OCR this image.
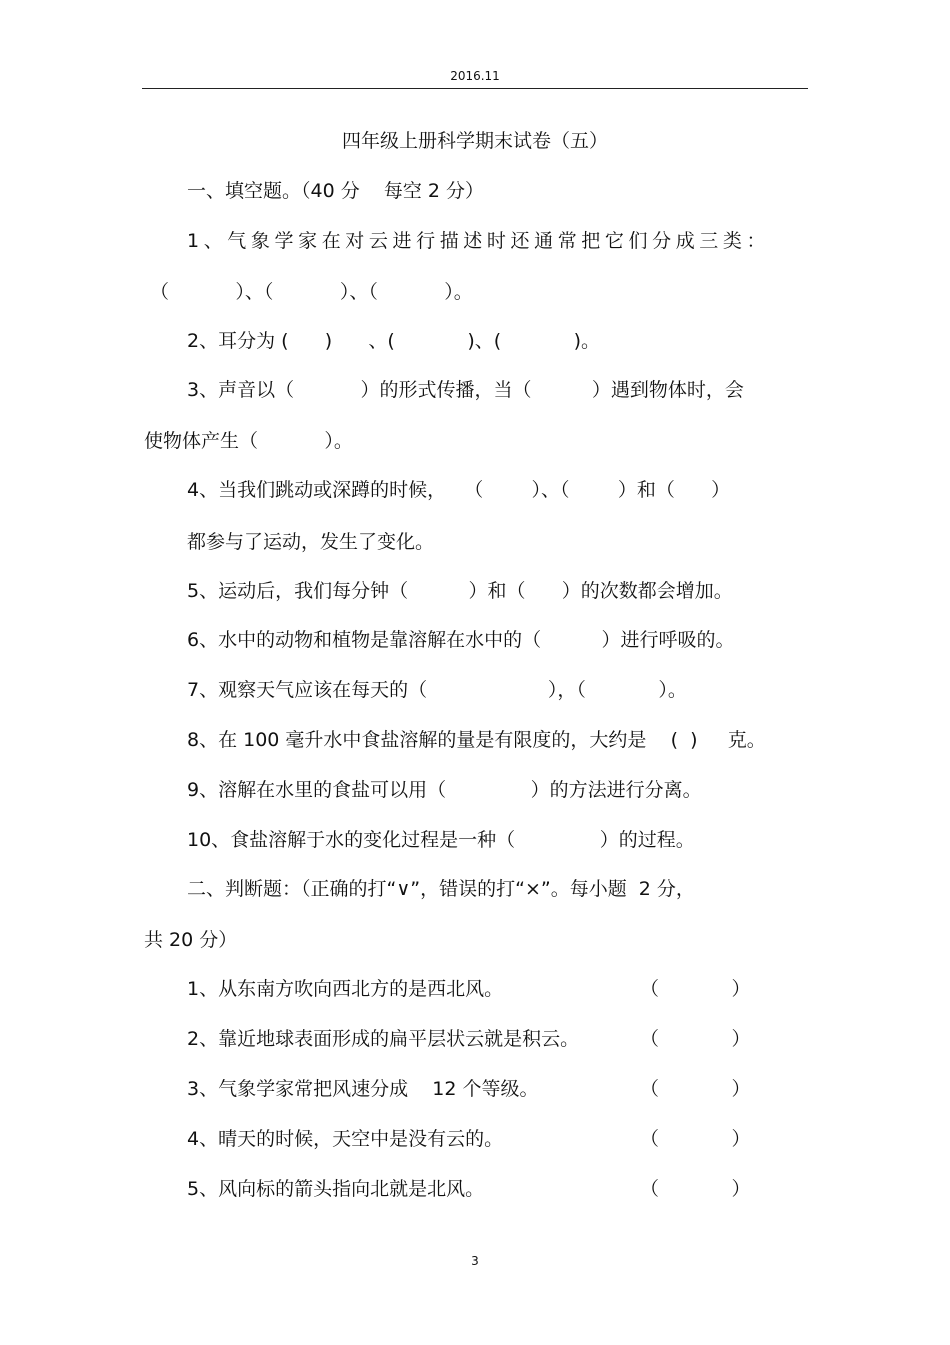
2016.11
四年级上册科学期末试卷（五）
一、填空题。（40 分    每空 2 分）
1、气象学家在对云进行描述时还通常把它们分成三类：
（           ）、（           ）、（           ）。
2、耳分为 (      )      、(            )、(            )。
3、声音以（           ）的形式传播，当（          ）遇到物体时，会
使物体产生（           ）。
4、当我们跳动或深蹲的时候，   （        ）、（        ）和（      ）
都参与了运动，发生了变化。
5、运动后，我们每分钟（          ）和（      ）的次数都会增加。
6、水中的动物和植物是靠溶解在水中的（          ）进行呼吸的。
7、观察天气应该在每天的（                    ），（            ）。
8、在 100 毫升水中食盐溶解的量是有限度的，大约是    (  )     克。
9、溶解在水里的食盐可以用（              ）的方法进行分离。
10、食盐溶解于水的变化过程是一种（              ）的过程。
二、判断题：（正确的打“∨”，错误的打“×”。每小题  2 分，
共 20 分）
1、从东南方吹向西北方的是西北风。	（            ）
2、靠近地球表面形成的扁平层状云就是积云。	（            ）
3、气象学家常把风速分成    12 个等级。	（            ）
4、晴天的时候，天空中是没有云的。	（            ）
5、风向标的箭头指向北就是北风。	（            ）
3
